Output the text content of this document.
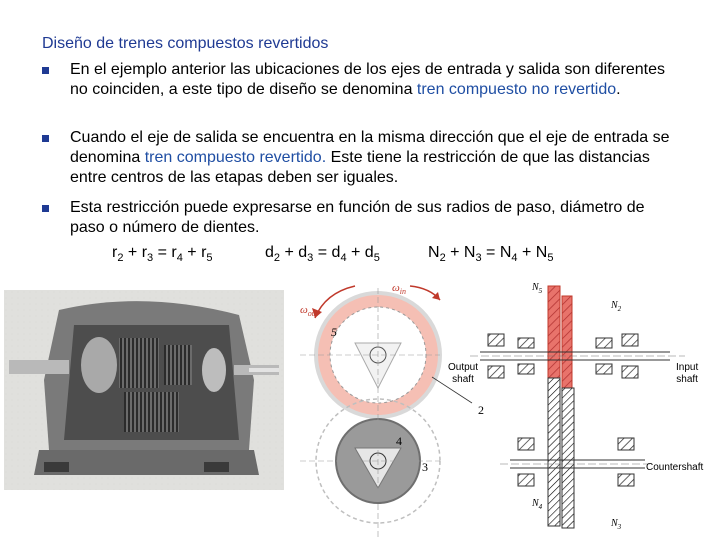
Diseño de trenes compuestos revertidos
En el ejemplo anterior las ubicaciones de los ejes de entrada y salida son diferentes no coinciden, a este tipo de diseño se denomina tren compuesto no revertido.
Cuando el eje de salida se encuentra en la misma dirección que el eje de entrada se denomina tren compuesto revertido. Este tiene la restricción de que las distancias entre centros de las etapas deben ser iguales.
Esta restricción puede expresarse en función de sus radios de paso, diámetro de paso o número de dientes.
$r_2 + r_3 = r_4 + r_5$	$d_2 + d_3 = d_4 + d_5$	$N_2 + N_3 = N_4 + N_5$
$\omega_{in}$
$\omega_{out}$
5
2
4
3
Output
shaft
Input
shaft
Countershaft
$N_5$
$N_2$
$N_4$
$N_3$
